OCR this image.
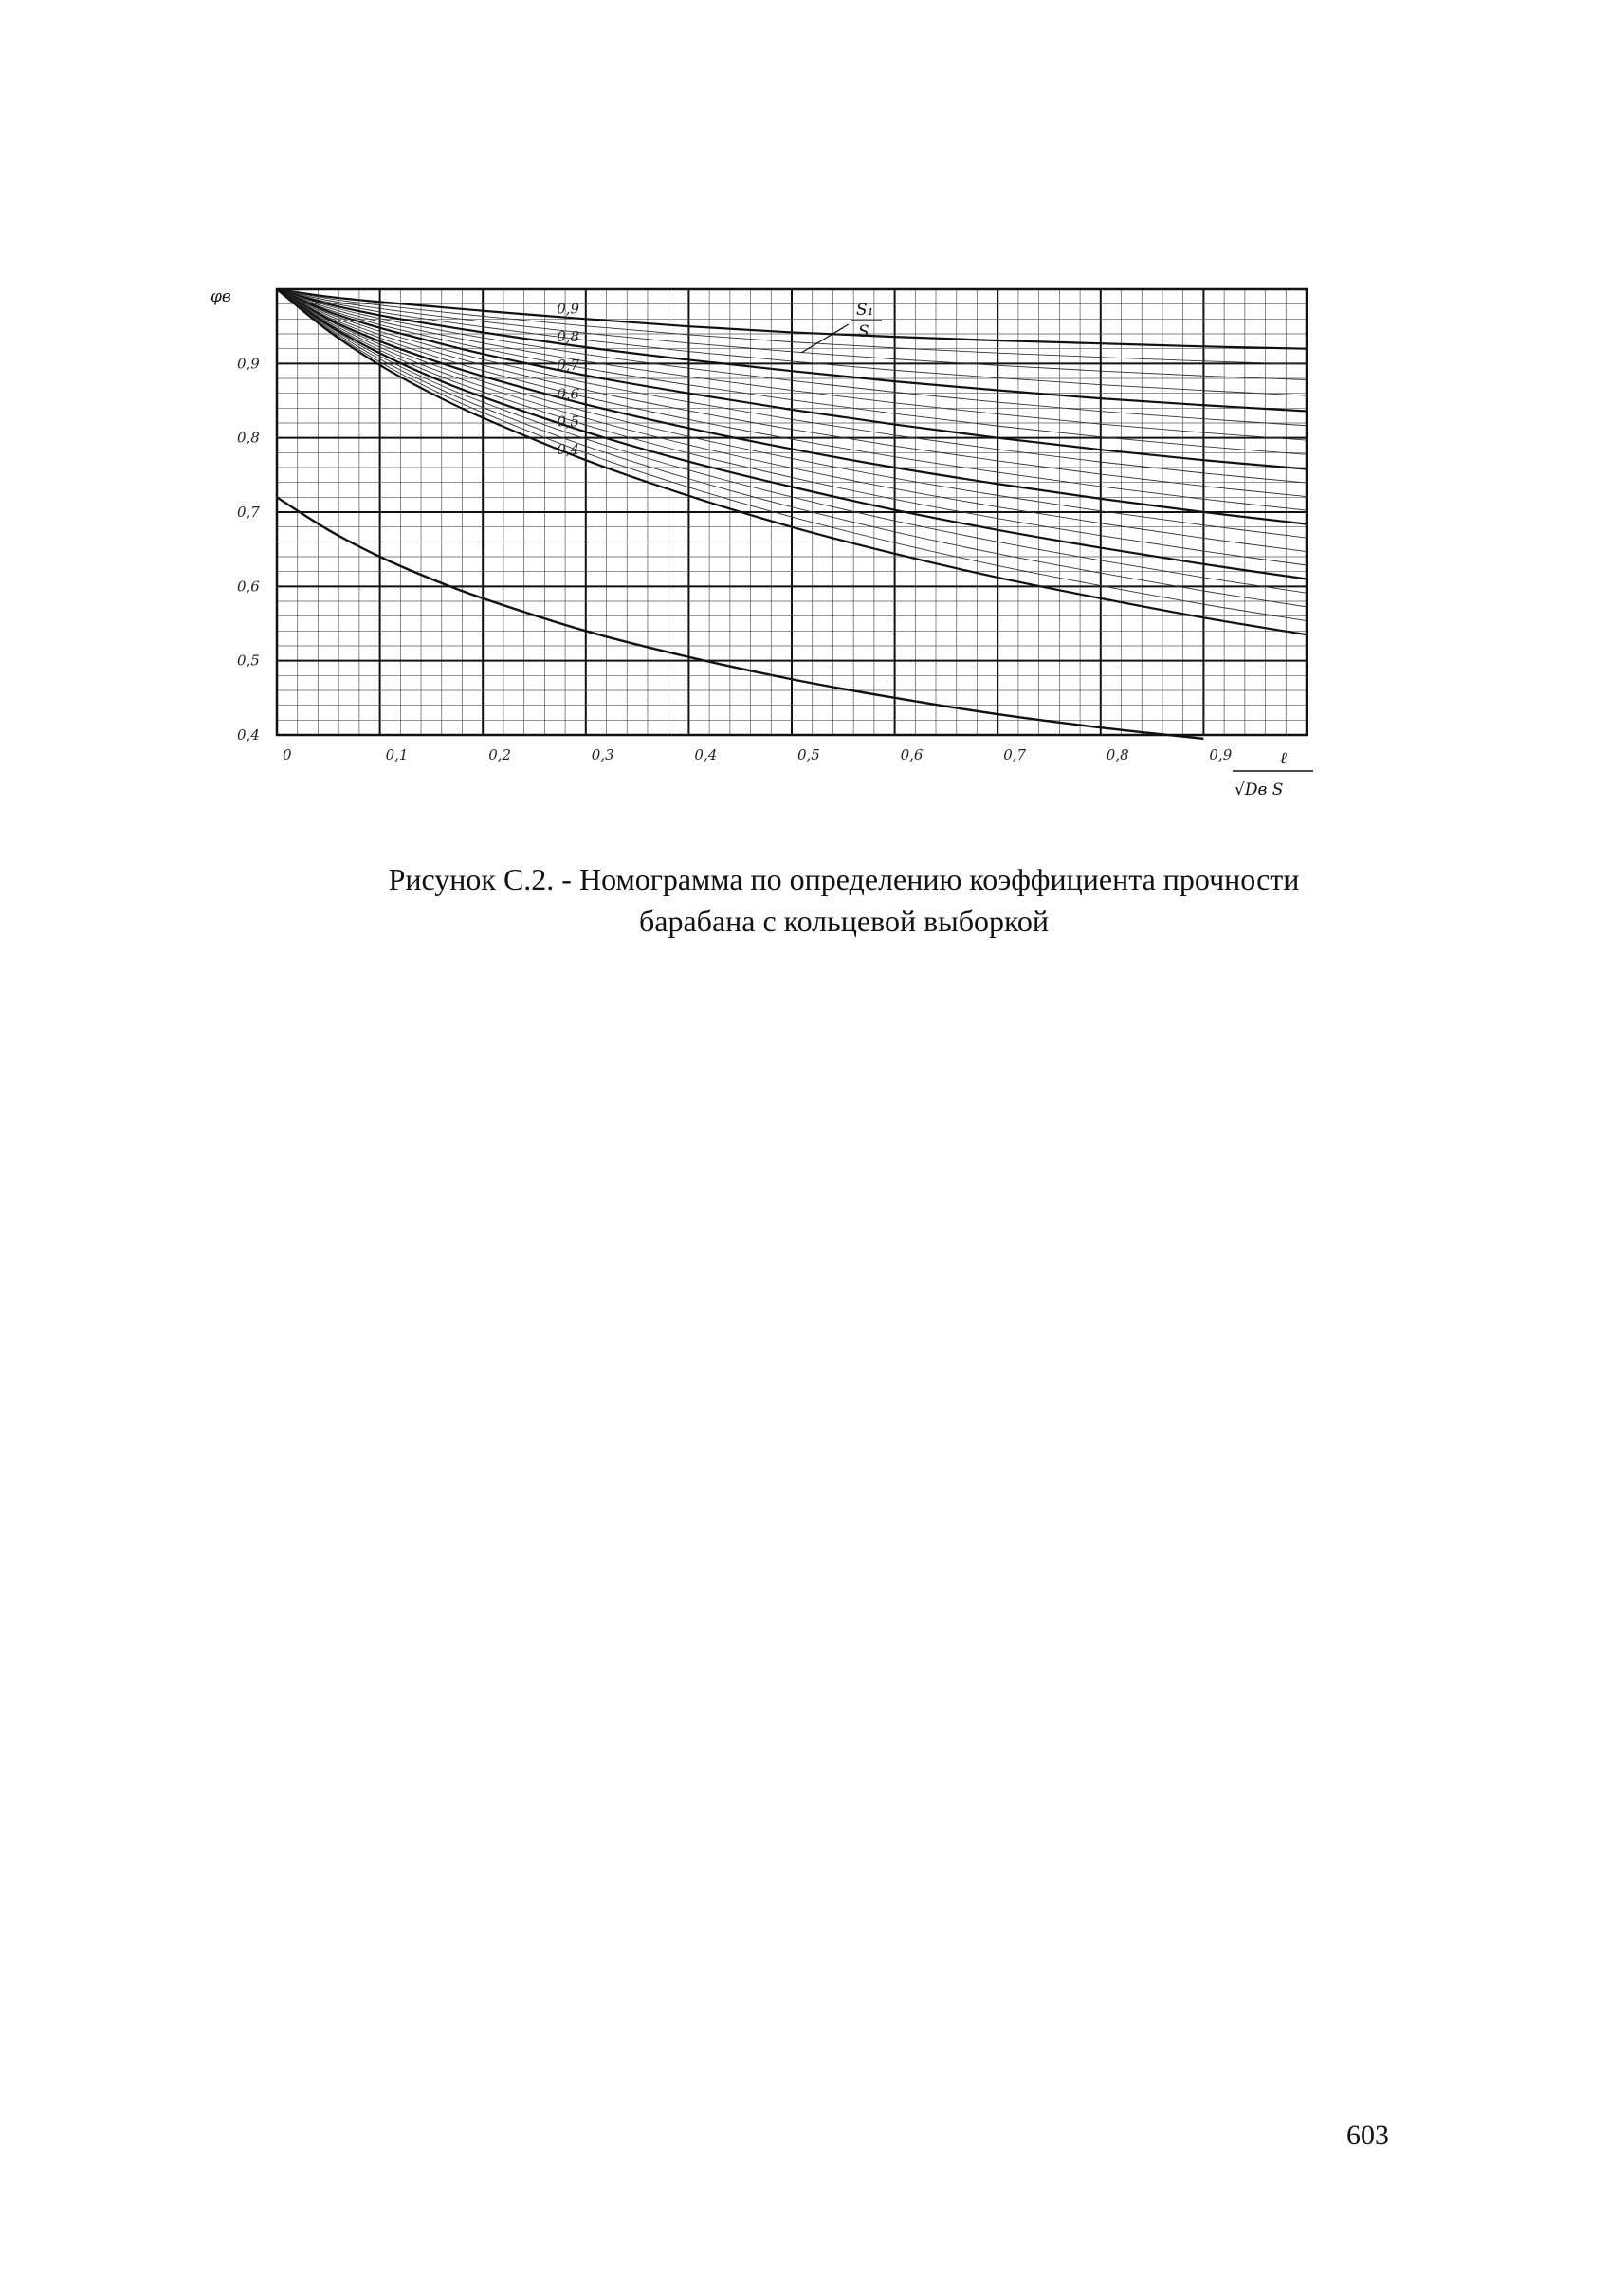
0	0,1	0,2	0,3	0,4	0,5	0,6	0,7	0,8	0,9
0,4
0,5
0,6
0,7
0,8
0,9
0,9
0,8
0,7
0,6
0,5
0,4
φв
ℓ
√Dв S
S₁
S
Рисунок С.2. - Номограмма по определению коэффициента прочности
барабана с кольцевой выборкой
603
